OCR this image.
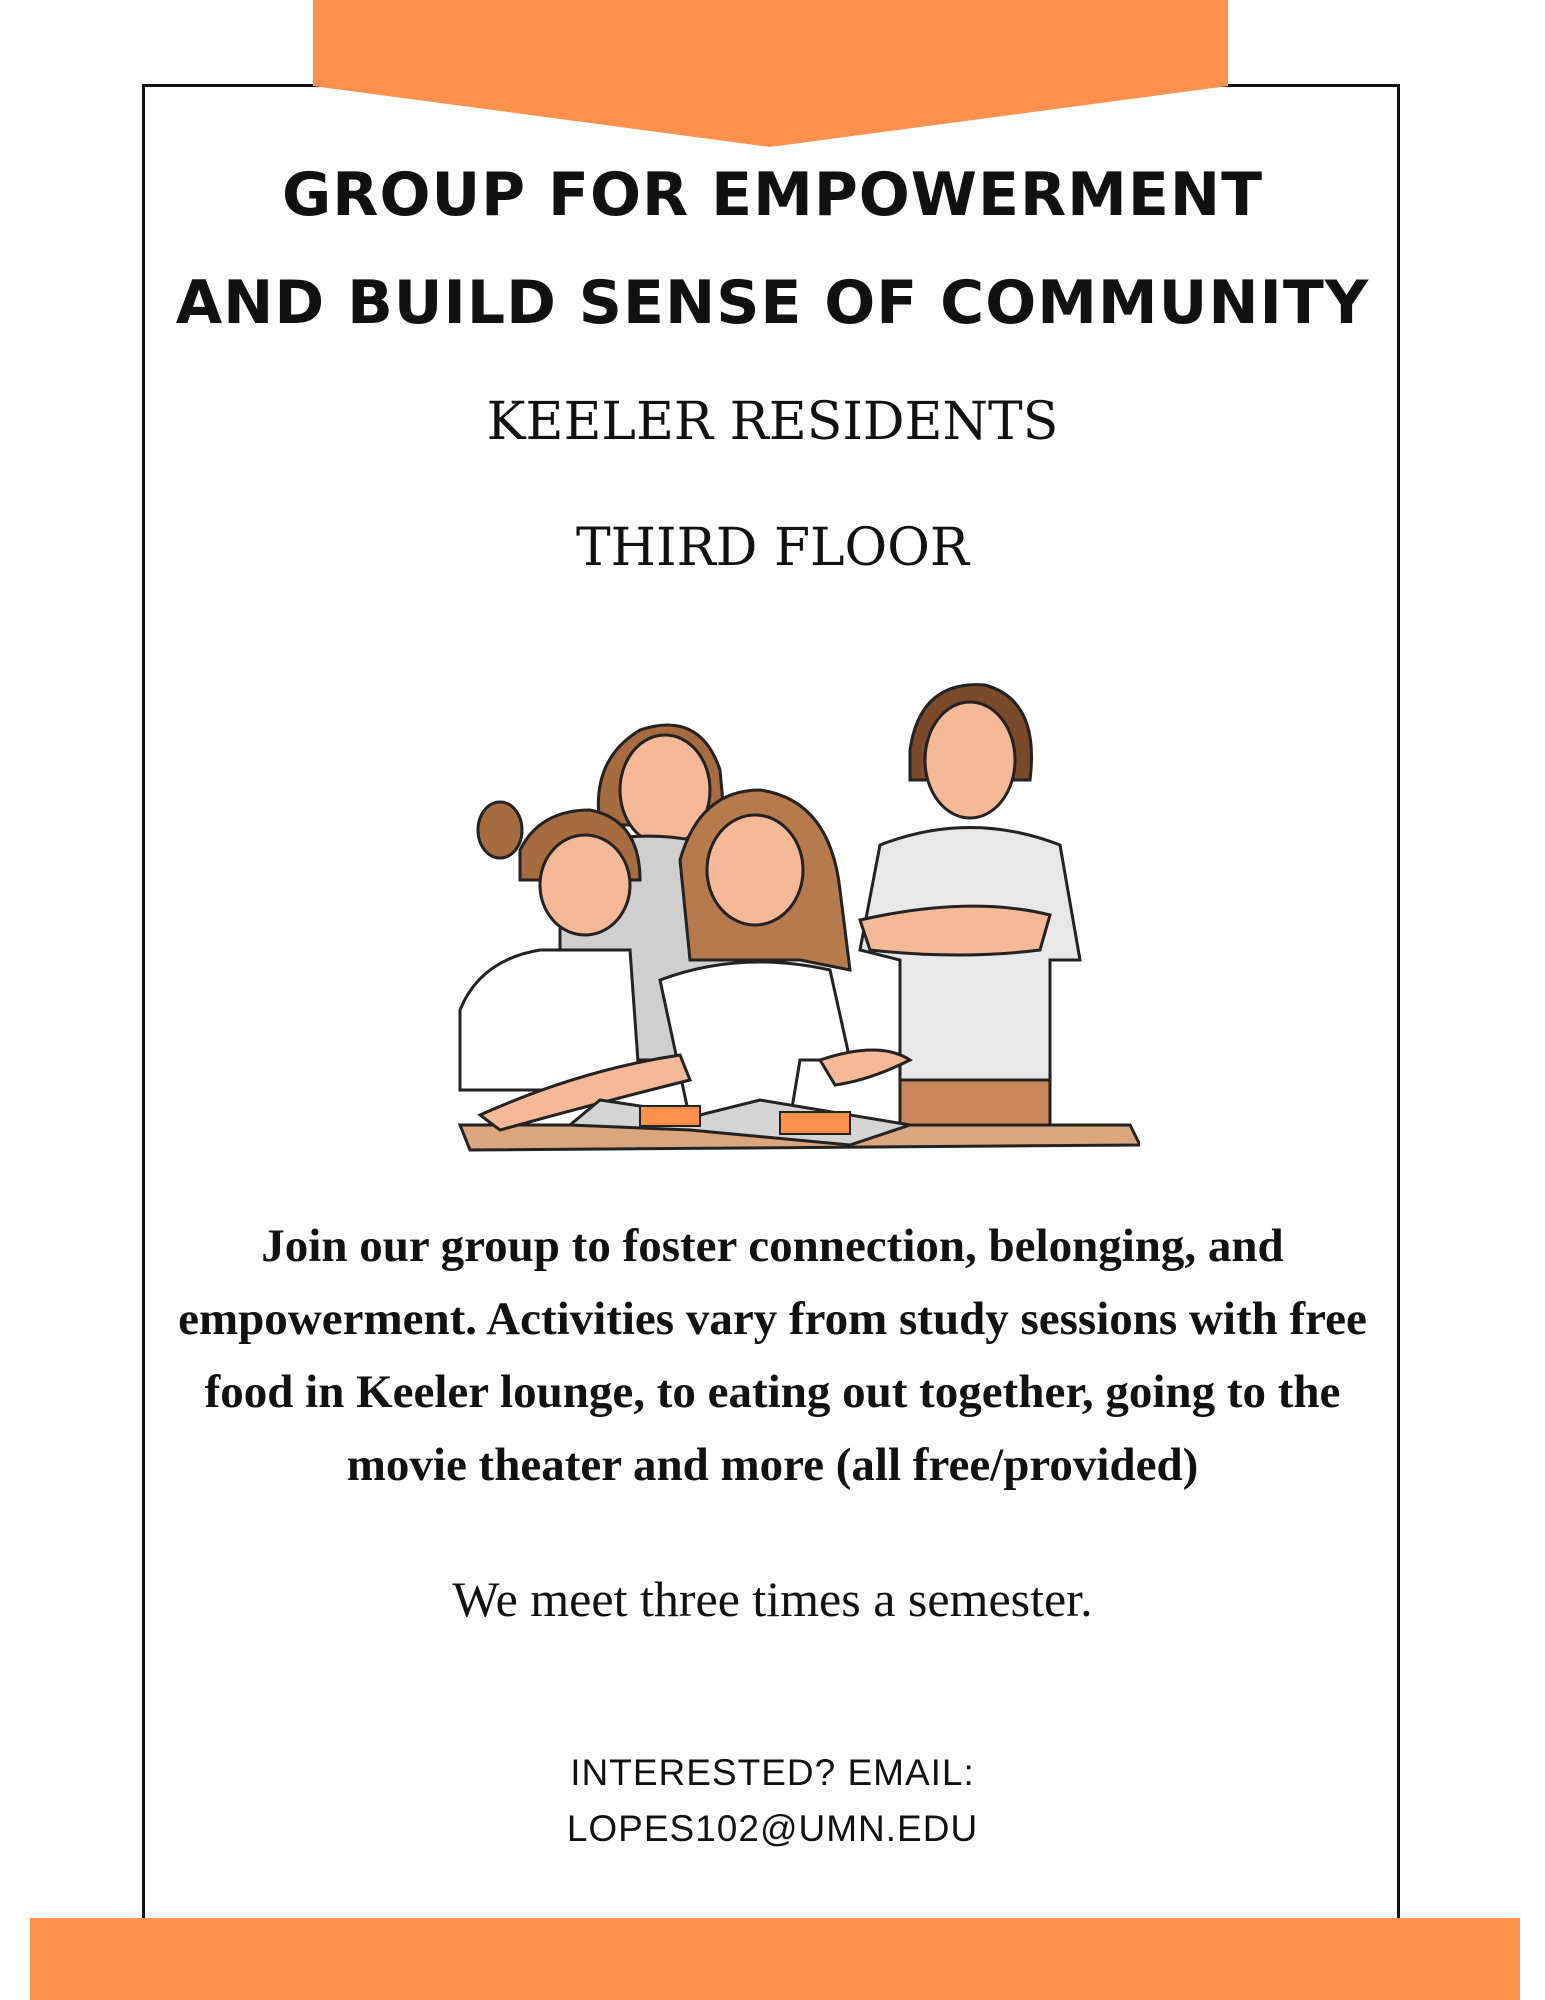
GROUP FOR EMPOWERMENT
AND BUILD SENSE OF COMMUNITY
KEELER RESIDENTS
THIRD FLOOR
Join our group to foster connection, belonging, and empowerment. Activities vary from study sessions with free food in Keeler lounge, to eating out together, going to the movie theater and more (all free/provided)
We meet three times a semester.
INTERESTED? EMAIL:
LOPES102@UMN.EDU
